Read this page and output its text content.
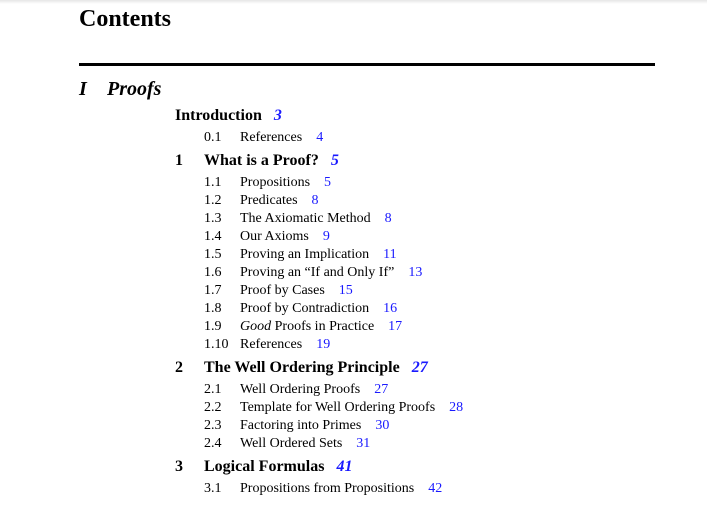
Contents
I Proofs
Introduction 3
0.1 References 4
1 What is a Proof? 5
1.1 Propositions 5
1.2 Predicates 8
1.3 The Axiomatic Method 8
1.4 Our Axioms 9
1.5 Proving an Implication 11
1.6 Proving an “If and Only If” 13
1.7 Proof by Cases 15
1.8 Proof by Contradiction 16
1.9 Good Proofs in Practice 17
1.10 References 19
2 The Well Ordering Principle 27
2.1 Well Ordering Proofs 27
2.2 Template for Well Ordering Proofs 28
2.3 Factoring into Primes 30
2.4 Well Ordered Sets 31
3 Logical Formulas 41
3.1 Propositions from Propositions 42
